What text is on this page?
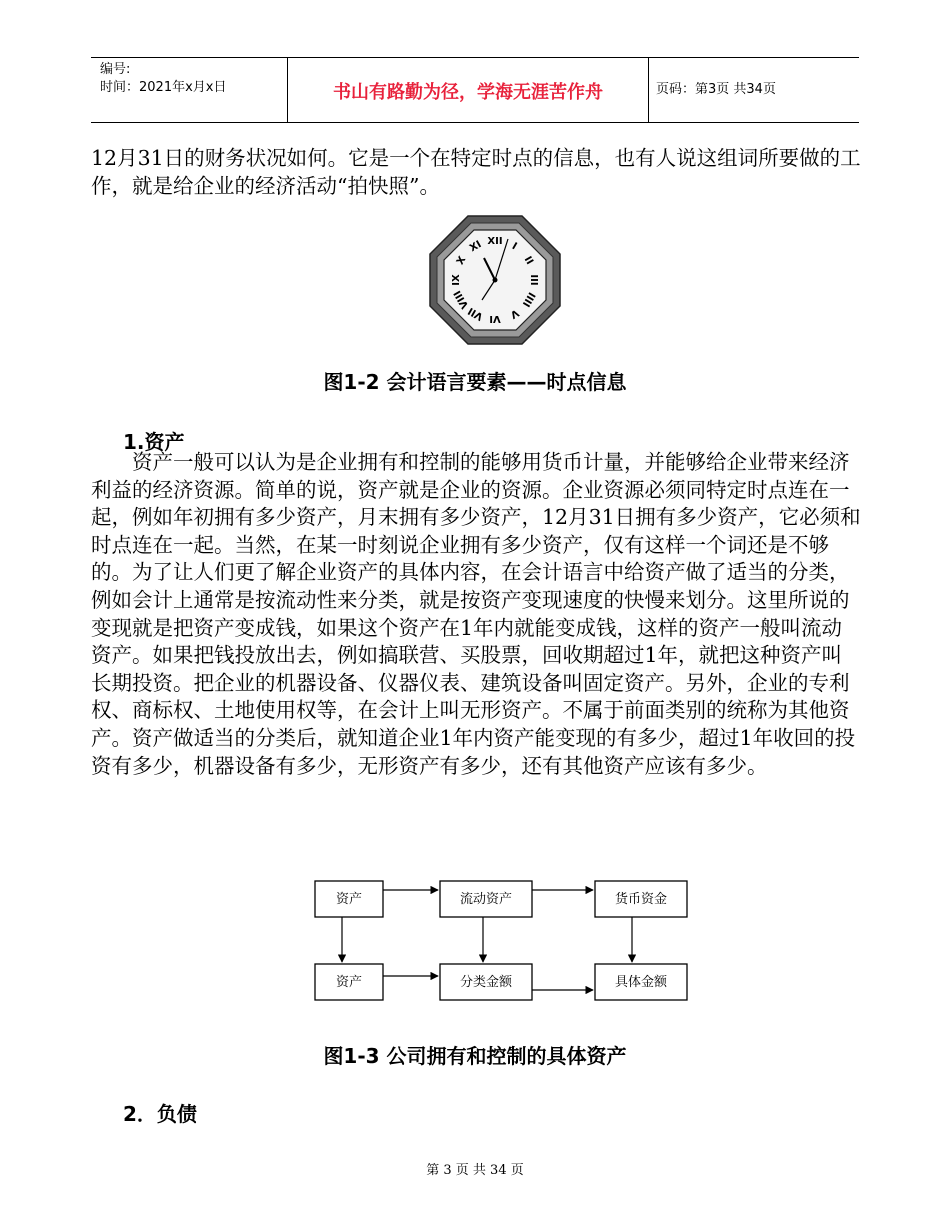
编号:
时间：2021年x月x日	书山有路勤为径，学海无涯苦作舟	页码：第3页 共34页

12月31日的财务状况如何。它是一个在特定时点的信息，也有人说这组词所要做的工作，就是给企业的经济活动“拍快照”。

XII I
II
III
IIII
V
VI
VII
VIII
IX
X
XI
图1-2 会计语言要素——时点信息
1.资产

资产一般可以认为是企业拥有和控制的能够用货币计量，并能够给企业带来经济利益的经济资源。简单的说，资产就是企业的资源。企业资源必须同特定时点连在一起，例如年初拥有多少资产，月末拥有多少资产，12月31日拥有多少资产，它必须和时点连在一起。当然，在某一时刻说企业拥有多少资产，仅有这样一个词还是不够的。为了让人们更了解企业资产的具体内容，在会计语言中给资产做了适当的分类，例如会计上通常是按流动性来分类，就是按资产变现速度的快慢来划分。这里所说的变现就是把资产变成钱，如果这个资产在1年内就能变成钱，这样的资产一般叫流动资产。如果把钱投放出去，例如搞联营、买股票，回收期超过1年，就把这种资产叫长期投资。把企业的机器设备、仪器仪表、建筑设备叫固定资产。另外，企业的专利权、商标权、土地使用权等，在会计上叫无形资产。不属于前面类别的统称为其他资产。资产做适当的分类后，就知道企业1年内资产能变现的有多少，超过1年收回的投资有多少，机器设备有多少，无形资产有多少，还有其他资产应该有多少。

资产	流动资产	货币资金
资产	分类金额	具体金额
图1-3 公司拥有和控制的具体资产
2．负债
第 3 页 共 34 页
